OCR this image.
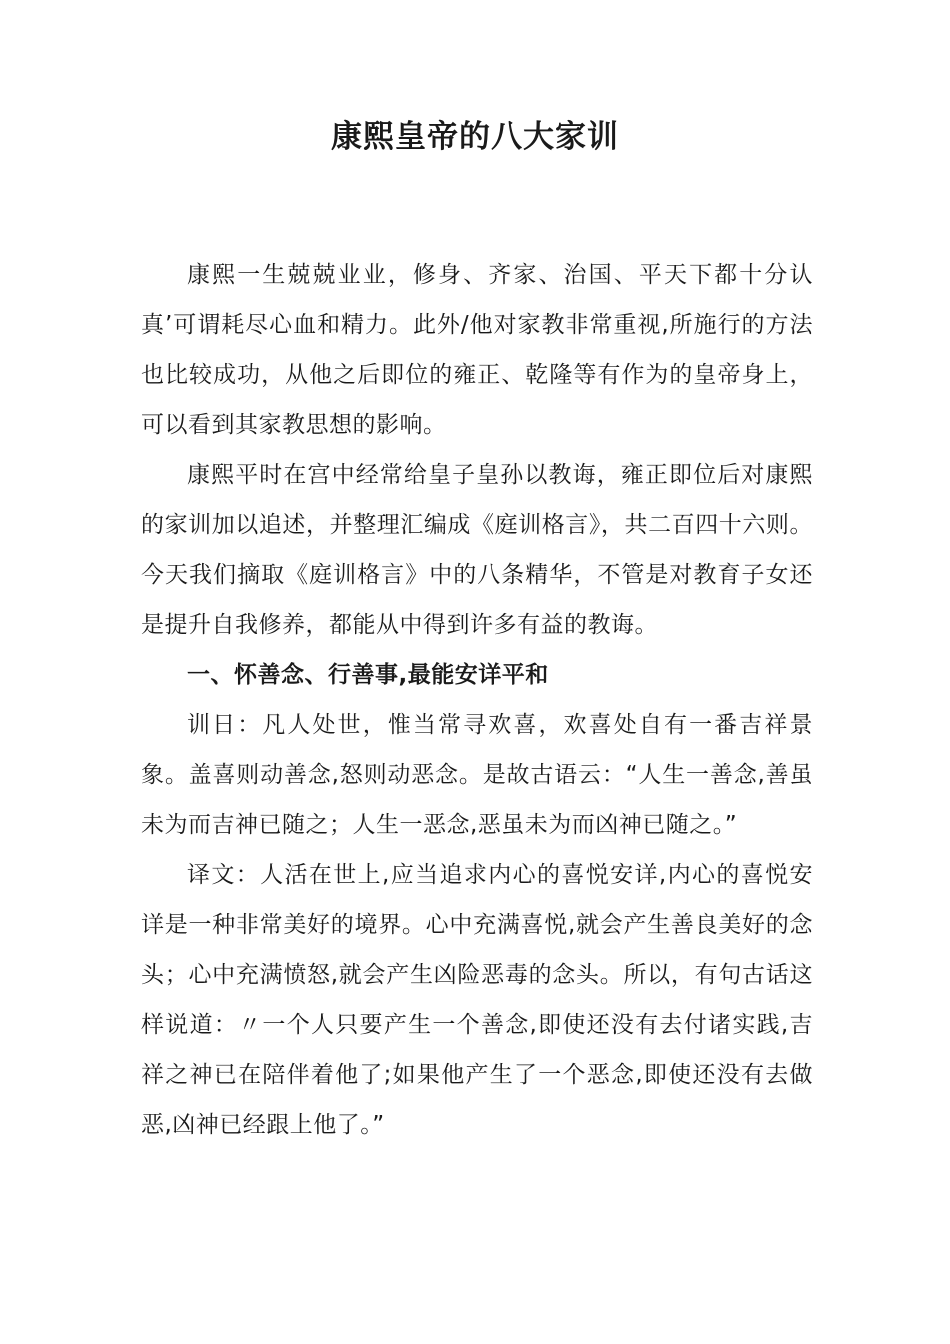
康熙皇帝的八大家训

康熙一生兢兢业业，修身、齐家、治国、平天下都十分认真’可谓耗尽心血和精力。此外/他对家教非常重视,所施行的方法也比较成功，从他之后即位的雍正、乾隆等有作为的皇帝身上，可以看到其家教思想的影响。

康熙平时在宫中经常给皇子皇孙以教诲，雍正即位后对康熙的家训加以追述，并整理汇编成《庭训格言》，共二百四十六则。今天我们摘取《庭训格言》中的八条精华，不管是对教育子女还是提升自我修养，都能从中得到许多有益的教诲。

一、怀善念、行善事,最能安详平和

训日：凡人处世，惟当常寻欢喜，欢喜处自有一番吉祥景象。盖喜则动善念,怒则动恶念。是故古语云：“人生一善念,善虽未为而吉神已随之；人生一恶念,恶虽未为而凶神已随之。”

译文：人活在世上,应当追求内心的喜悦安详,内心的喜悦安详是一种非常美好的境界。心中充满喜悦,就会产生善良美好的念头；心中充满愤怒,就会产生凶险恶毒的念头。所以，有句古话这样说道：〃一个人只要产生一个善念,即使还没有去付诸实践,吉祥之神已在陪伴着他了;如果他产生了一个恶念,即使还没有去做恶,凶神已经跟上他了。”
